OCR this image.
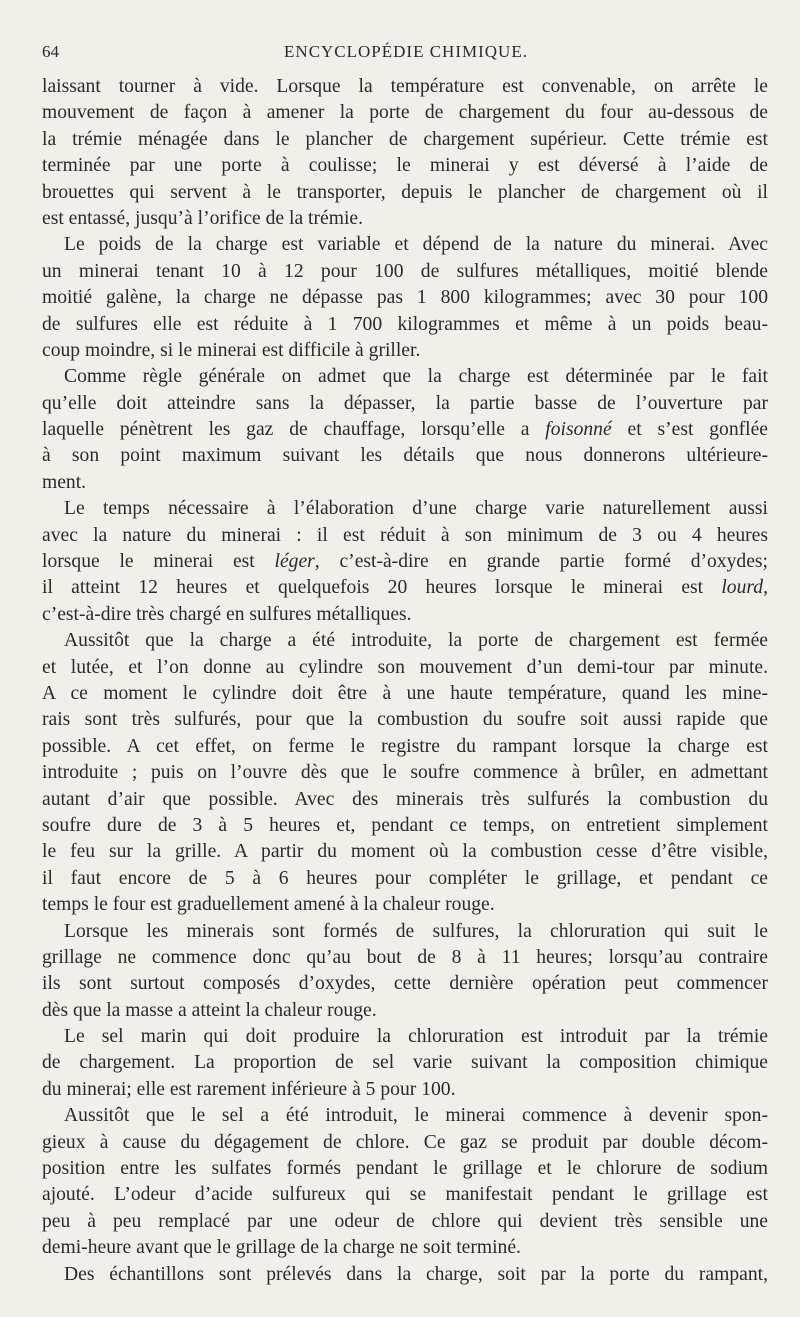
64	ENCYCLOPÉDIE CHIMIQUE.
laissant tourner à vide. Lorsque la température est convenable, on arrête le
mouvement de façon à amener la porte de chargement du four au-dessous de
la trémie ménagée dans le plancher de chargement supérieur. Cette trémie est
terminée par une porte à coulisse; le minerai y est déversé à l’aide de
brouettes qui servent à le transporter, depuis le plancher de chargement où il
est entassé, jusqu’à l’orifice de la trémie.
Le poids de la charge est variable et dépend de la nature du minerai. Avec
un minerai tenant 10 à 12 pour 100 de sulfures métalliques, moitié blende
moitié galène, la charge ne dépasse pas 1 800 kilogrammes; avec 30 pour 100
de sulfures elle est réduite à 1 700 kilogrammes et même à un poids beau-
coup moindre, si le minerai est difficile à griller.
Comme règle générale on admet que la charge est déterminée par le fait
qu’elle doit atteindre sans la dépasser, la partie basse de l’ouverture par
laquelle pénètrent les gaz de chauffage, lorsqu’elle a foisonné et s’est gonflée
à son point maximum suivant les détails que nous donnerons ultérieure-
ment.
Le temps nécessaire à l’élaboration d’une charge varie naturellement aussi
avec la nature du minerai : il est réduit à son minimum de 3 ou 4 heures
lorsque le minerai est léger, c’est-à-dire en grande partie formé d’oxydes;
il atteint 12 heures et quelquefois 20 heures lorsque le minerai est lourd,
c’est-à-dire très chargé en sulfures métalliques.
Aussitôt que la charge a été introduite, la porte de chargement est fermée
et lutée, et l’on donne au cylindre son mouvement d’un demi-tour par minute.
A ce moment le cylindre doit être à une haute température, quand les mine-
rais sont très sulfurés, pour que la combustion du soufre soit aussi rapide que
possible. A cet effet, on ferme le registre du rampant lorsque la charge est
introduite ; puis on l’ouvre dès que le soufre commence à brûler, en admettant
autant d’air que possible. Avec des minerais très sulfurés la combustion du
soufre dure de 3 à 5 heures et, pendant ce temps, on entretient simplement
le feu sur la grille. A partir du moment où la combustion cesse d’être visible,
il faut encore de 5 à 6 heures pour compléter le grillage, et pendant ce
temps le four est graduellement amené à la chaleur rouge.
Lorsque les minerais sont formés de sulfures, la chloruration qui suit le
grillage ne commence donc qu’au bout de 8 à 11 heures; lorsqu’au contraire
ils sont surtout composés d’oxydes, cette dernière opération peut commencer
dès que la masse a atteint la chaleur rouge.
Le sel marin qui doit produire la chloruration est introduit par la trémie
de chargement. La proportion de sel varie suivant la composition chimique
du minerai; elle est rarement inférieure à 5 pour 100.
Aussitôt que le sel a été introduit, le minerai commence à devenir spon-
gieux à cause du dégagement de chlore. Ce gaz se produit par double décom-
position entre les sulfates formés pendant le grillage et le chlorure de sodium
ajouté. L’odeur d’acide sulfureux qui se manifestait pendant le grillage est
peu à peu remplacé par une odeur de chlore qui devient très sensible une
demi-heure avant que le grillage de la charge ne soit terminé.
Des échantillons sont prélevés dans la charge, soit par la porte du rampant,
